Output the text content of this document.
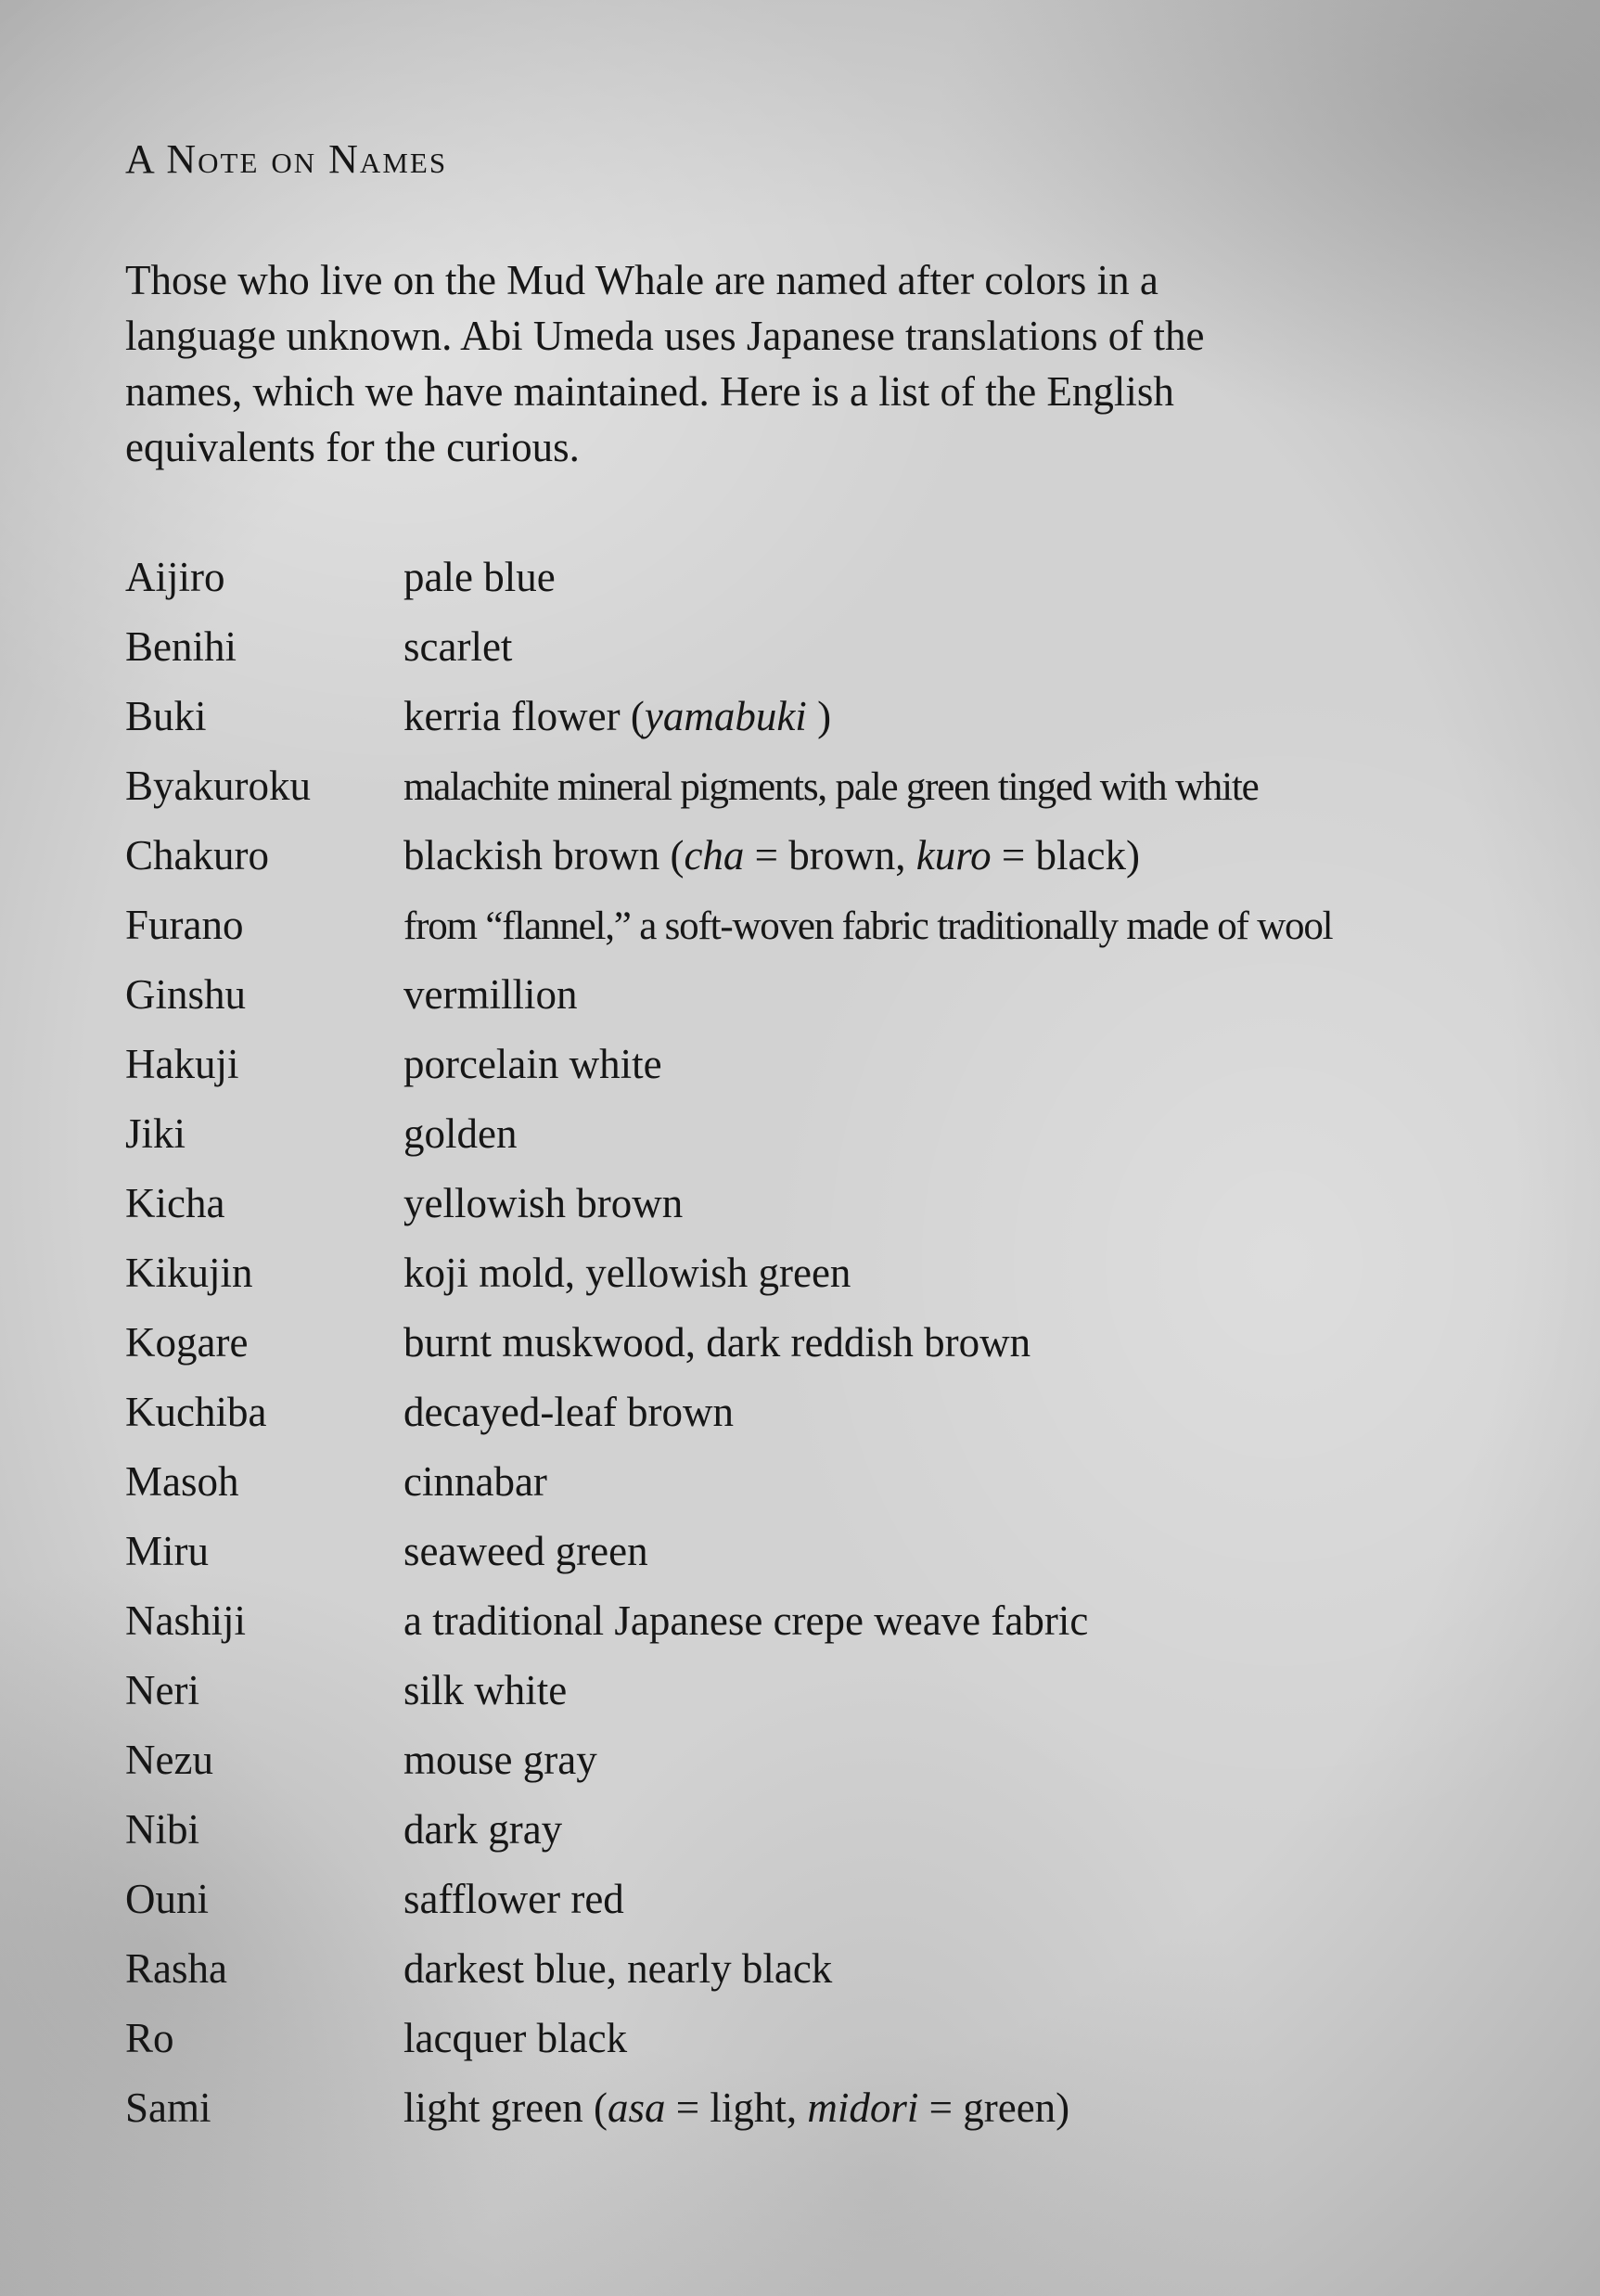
A Note on Names

Those who live on the Mud Whale are named after colors in a
language unknown. Abi Umeda uses Japanese translations of the
names, which we have maintained. Here is a list of the English
equivalents for the curious.

Aijiro	pale blue
Benihi	scarlet
Buki	kerria flower (yamabuki )
Byakuroku	malachite mineral pigments, pale green tinged with white
Chakuro	blackish brown (cha = brown, kuro = black)
Furano	from “flannel,” a soft-woven fabric traditionally made of wool
Ginshu	vermillion
Hakuji	porcelain white
Jiki	golden
Kicha	yellowish brown
Kikujin	koji mold, yellowish green
Kogare	burnt muskwood, dark reddish brown
Kuchiba	decayed-leaf brown
Masoh	cinnabar
Miru	seaweed green
Nashiji	a traditional Japanese crepe weave fabric
Neri	silk white
Nezu	mouse gray
Nibi	dark gray
Ouni	safflower red
Rasha	darkest blue, nearly black
Ro	lacquer black
Sami	light green (asa = light, midori = green)
